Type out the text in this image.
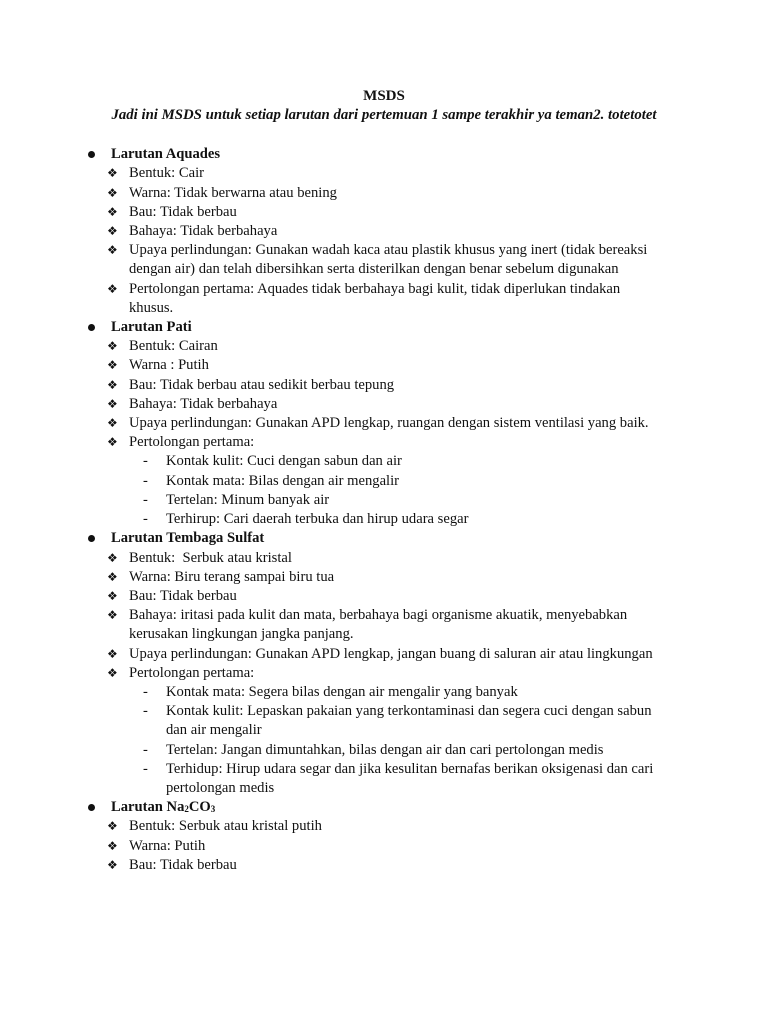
MSDS
Jadi ini MSDS untuk setiap larutan dari pertemuan 1 sampe terakhir ya teman2. totetotet
Larutan Aquades
❖ Bentuk: Cair
❖ Warna: Tidak berwarna atau bening
❖ Bau: Tidak berbau
❖ Bahaya: Tidak berbahaya
❖ Upaya perlindungan: Gunakan wadah kaca atau plastik khusus yang inert (tidak bereaksi dengan air) dan telah dibersihkan serta disterilkan dengan benar sebelum digunakan
❖ Pertolongan pertama: Aquades tidak berbahaya bagi kulit, tidak diperlukan tindakan khusus.
Larutan Pati
❖ Bentuk: Cairan
❖ Warna : Putih
❖ Bau: Tidak berbau atau sedikit berbau tepung
❖ Bahaya: Tidak berbahaya
❖ Upaya perlindungan: Gunakan APD lengkap, ruangan dengan sistem ventilasi yang baik.
❖ Pertolongan pertama:
- Kontak kulit: Cuci dengan sabun dan air
- Kontak mata: Bilas dengan air mengalir
- Tertelan: Minum banyak air
- Terhirup: Cari daerah terbuka dan hirup udara segar
Larutan Tembaga Sulfat
❖ Bentuk:  Serbuk atau kristal
❖ Warna: Biru terang sampai biru tua
❖ Bau: Tidak berbau
❖ Bahaya: iritasi pada kulit dan mata, berbahaya bagi organisme akuatik, menyebabkan kerusakan lingkungan jangka panjang.
❖ Upaya perlindungan: Gunakan APD lengkap, jangan buang di saluran air atau lingkungan
❖ Pertolongan pertama:
- Kontak mata: Segera bilas dengan air mengalir yang banyak
- Kontak kulit: Lepaskan pakaian yang terkontaminasi dan segera cuci dengan sabun dan air mengalir
- Tertelan: Jangan dimuntahkan, bilas dengan air dan cari pertolongan medis
- Terhidup: Hirup udara segar dan jika kesulitan bernafas berikan oksigenasi dan cari pertolongan medis
Larutan $Na_2CO_3$
❖ Bentuk: Serbuk atau kristal putih
❖ Warna: Putih
❖ Bau: Tidak berbau
